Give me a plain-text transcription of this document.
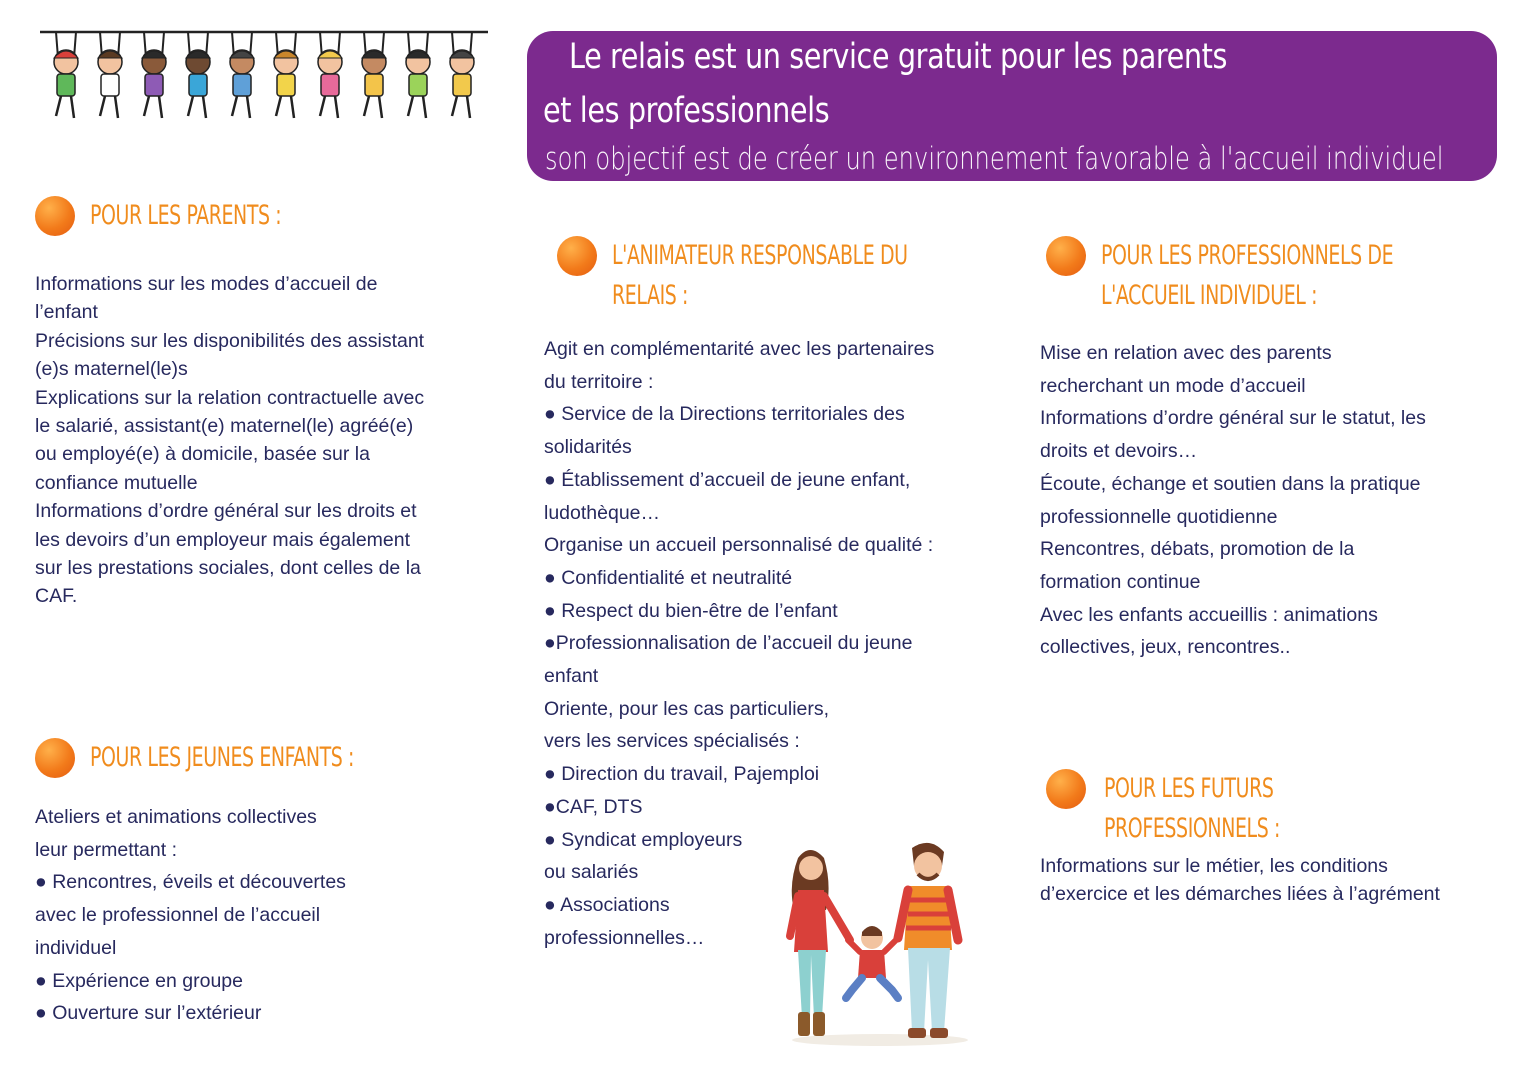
Le relais est un service gratuit pour les parents
et les professionnels
son objectif est de créer un environnement favorable à l'accueil individuel
POUR LES PARENTS :
Informations sur les modes d’accueil de
l’enfant
Précisions sur les disponibilités des assistant
(e)s maternel(le)s
Explications sur la relation contractuelle avec
le salarié, assistant(e) maternel(le) agréé(e)
ou employé(e) à domicile, basée sur la
confiance mutuelle
Informations d’ordre général sur les droits et
les devoirs d’un employeur mais également
sur les prestations sociales, dont celles de la
CAF.
POUR LES JEUNES ENFANTS :
Ateliers et animations collectives
leur permettant :
● Rencontres, éveils et découvertes
avec le professionnel de l’accueil
individuel
● Expérience en groupe
● Ouverture sur l’extérieur
L'ANIMATEUR RESPONSABLE DU
RELAIS :
Agit en complémentarité avec les partenaires
du territoire :
● Service de la Directions territoriales des
solidarités
● Établissement d’accueil de jeune enfant,
ludothèque…
Organise un accueil personnalisé de qualité :
● Confidentialité et neutralité
● Respect du bien-être de l’enfant
●Professionnalisation de l’accueil du jeune
enfant
Oriente, pour les cas particuliers,
vers les services spécialisés :
● Direction du travail, Pajemploi
●CAF, DTS
● Syndicat employeurs
ou salariés
● Associations
professionnelles…
POUR LES PROFESSIONNELS DE
L'ACCUEIL INDIVIDUEL :
Mise en relation avec des parents
recherchant un mode d’accueil
Informations d’ordre général sur le statut, les
droits et devoirs…
Écoute, échange et soutien dans la pratique
professionnelle quotidienne
Rencontres, débats, promotion de la
formation continue
Avec les enfants accueillis : animations
collectives, jeux, rencontres..
POUR LES FUTURS
PROFESSIONNELS :
Informations sur le métier, les conditions
d’exercice et les démarches liées à l’agrément
